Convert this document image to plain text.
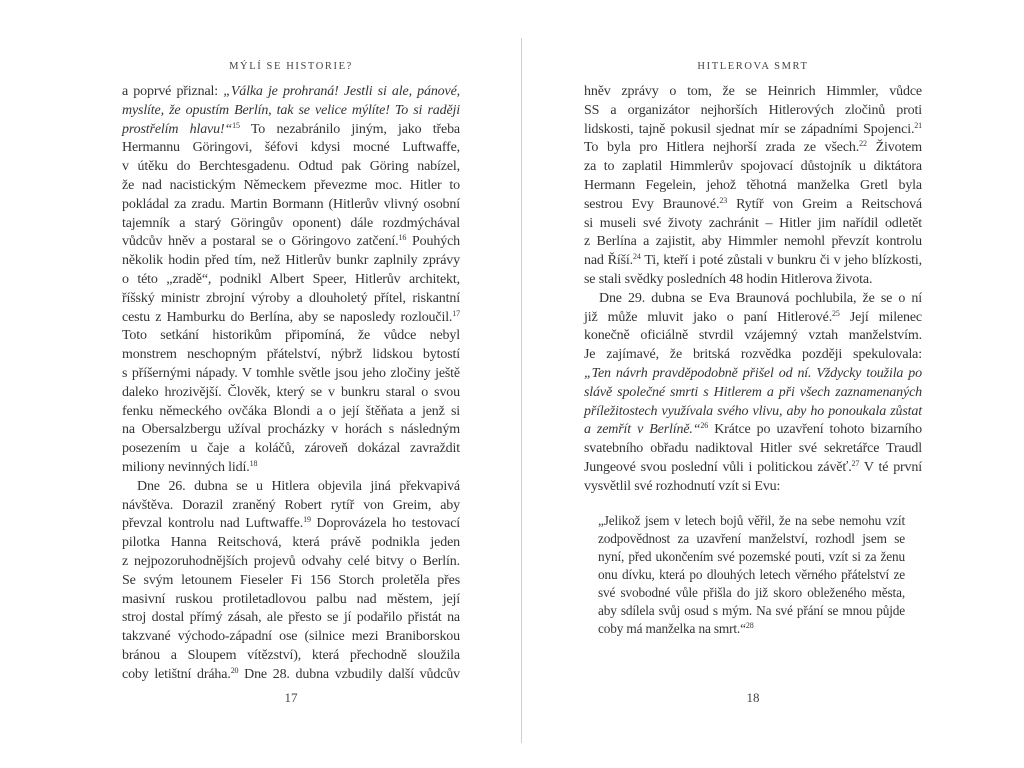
MÝLÍ SE HISTORIE?
a poprvé přiznal: „Válka je prohraná! Jestli si ale, pánové,
myslíte, že opustím Berlín, tak se velice mýlíte! To si raději
prostřelím hlavu!“$^{15}$ To nezabránilo jiným, jako třeba
Hermannu Göringovi, šéfovi kdysi mocné Luftwaffe,
v útěku do Berchtesgadenu. Odtud pak Göring nabízel,
že nad nacistickým Německem převezme moc. Hitler to
pokládal za zradu. Martin Bormann (Hitlerův vlivný osobní
tajemník a starý Göringův oponent) dále rozdmýchával
vůdcův hněv a postaral se o Göringovo zatčení.$^{16}$ Pouhých
několik hodin před tím, než Hitlerův bunkr zaplnily zprávy
o této „zradě“, podnikl Albert Speer, Hitlerův architekt,
říšský ministr zbrojní výroby a dlouholetý přítel, riskantní
cestu z Hamburku do Berlína, aby se naposledy rozloučil.$^{17}$
Toto setkání historikům připomíná, že vůdce nebyl
monstrem neschopným přátelství, nýbrž lidskou bytostí
s příšernými nápady. V tomhle světle jsou jeho zločiny ještě
daleko hrozivější. Člověk, který se v bunkru staral o svou
fenku německého ovčáka Blondi a o její štěňata a jenž si
na Obersalzbergu užíval procházky v horách s následným
posezením u čaje a koláčů, zároveň dokázal zavraždit
miliony nevinných lidí.$^{18}$
Dne 26. dubna se u Hitlera objevila jiná překvapivá
návštěva. Dorazil zraněný Robert rytíř von Greim, aby
převzal kontrolu nad Luftwaffe.$^{19}$ Doprovázela ho testovací
pilotka Hanna Reitschová, která právě podnikla jeden
z nejpozoruhodnějších projevů odvahy celé bitvy o Berlín.
Se svým letounem Fieseler Fi 156 Storch proletěla přes
masivní ruskou protiletadlovou palbu nad městem, její
stroj dostal přímý zásah, ale přesto se jí podařilo přistát na
takzvané východo-západní ose (silnice mezi Braniborskou
bránou a Sloupem vítězství), která přechodně sloužila
coby letištní dráha.$^{20}$ Dne 28. dubna vzbudily další vůdcův
17
HITLEROVA SMRT
hněv zprávy o tom, že se Heinrich Himmler, vůdce
SS a organizátor nejhorších Hitlerových zločinů proti
lidskosti, tajně pokusil sjednat mír se západními Spojenci.$^{21}$
To byla pro Hitlera nejhorší zrada ze všech.$^{22}$ Životem
za to zaplatil Himmlerův spojovací důstojník u diktátora
Hermann Fegelein, jehož těhotná manželka Gretl byla
sestrou Evy Braunové.$^{23}$ Rytíř von Greim a Reitschová
si museli své životy zachránit – Hitler jim nařídil odletět
z Berlína a zajistit, aby Himmler nemohl převzít kontrolu
nad Říší.$^{24}$ Ti, kteří i poté zůstali v bunkru či v jeho blízkosti,
se stali svědky posledních 48 hodin Hitlerova života.
Dne 29. dubna se Eva Braunová pochlubila, že se o ní
již může mluvit jako o paní Hitlerové.$^{25}$ Její milenec
konečně oficiálně stvrdil vzájemný vztah manželstvím.
Je zajímavé, že britská rozvědka později spekulovala:
„Ten návrh pravděpodobně přišel od ní. Vždycky toužila po
slávě společné smrti s Hitlerem a při všech zaznamenaných
příležitostech využívala svého vlivu, aby ho ponoukala zůstat
a zemřít v Berlíně.“$^{26}$ Krátce po uzavření tohoto bizarního
svatebního obřadu nadiktoval Hitler své sekretářce Traudl
Jungeové svou poslední vůli i politickou závěť.$^{27}$ V té první
vysvětlil své rozhodnutí vzít si Evu:
„Jelikož jsem v letech bojů věřil, že na sebe nemohu vzít
zodpovědnost za uzavření manželství, rozhodl jsem se
nyní, před ukončením své pozemské pouti, vzít si za ženu
onu dívku, která po dlouhých letech věrného přátelství ze
své svobodné vůle přišla do již skoro obleženého města,
aby sdílela svůj osud s mým. Na své přání se mnou půjde
coby má manželka na smrt.“$^{28}$
18
